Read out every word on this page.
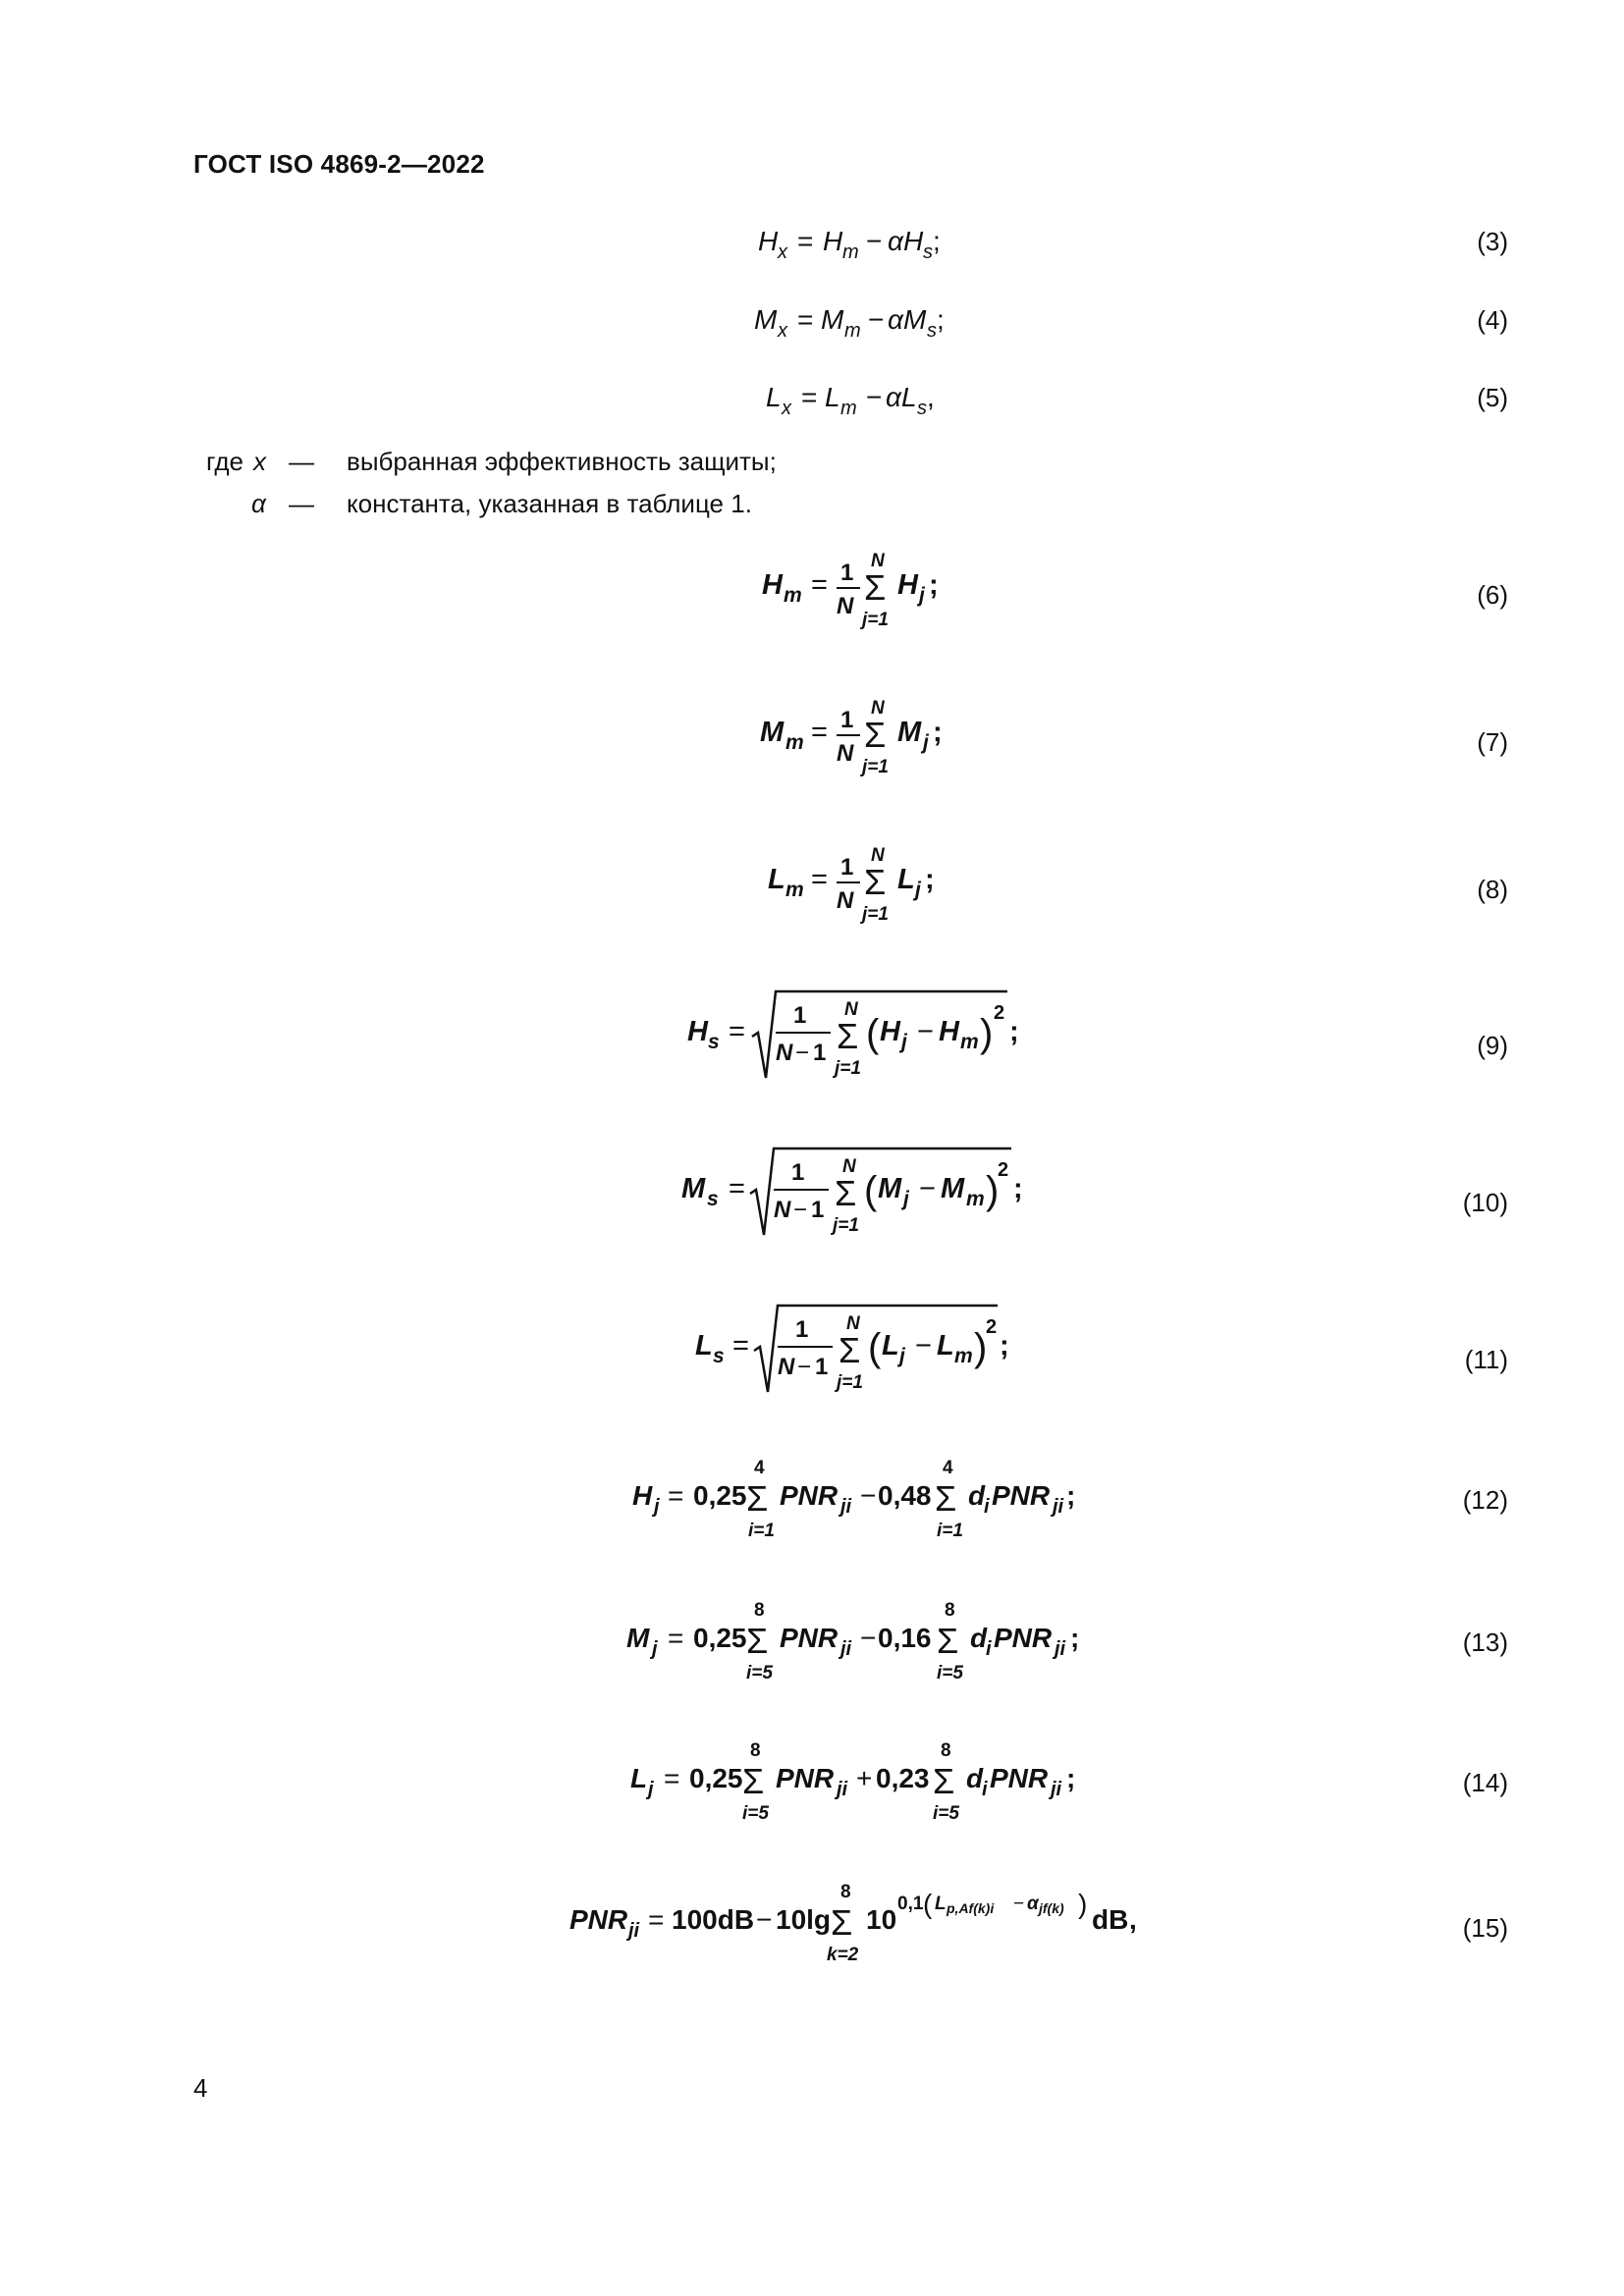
ГОСТ ISO 4869-2—2022
H x = H m − α H s ;	(3)
M x = M m − α M s ;	(4)
L x = L m − α L s ,	(5)
где x — выбранная эффективность защиты;
α — константа, указанная в таблице 1.
H m = 1
N
N
Σ
j=1
H j ;	(6)
M m = 1
N
N
Σ
j=1
M j ;	(7)
L m = 1
N
N
Σ
j=1
L j ;	(8)
H s =
1
N − 1
N
Σ
j=1
( H j − H m ) 2
;	(9)
M s =
1
N − 1
N
Σ
j=1
( M j − M m )
2
;	(10)
L s =
1
N − 1
N
Σ
j=1
( L j − L m )
2
;	(11)
H j = 0,25
4
Σ
i=1
PNR ji − 0,48
4
Σ
i=1
d
i PNR ji ;	(12)
M j = 0,25
8
Σ
i=5
PNR ji − 0,16
8
Σ
i=5
d
i PNR ji ;	(13)
L j = 0,25
8
Σ
i=5
PNR ji + 0,23
8
Σ
i=5
d
i PNR ji ;	(14)
PNR ji = 100dB − 10lg
8
Σ
k=2
10
0,1 ( L p,Af(k)i − α jf(k) )
dB ,	(15)
4
